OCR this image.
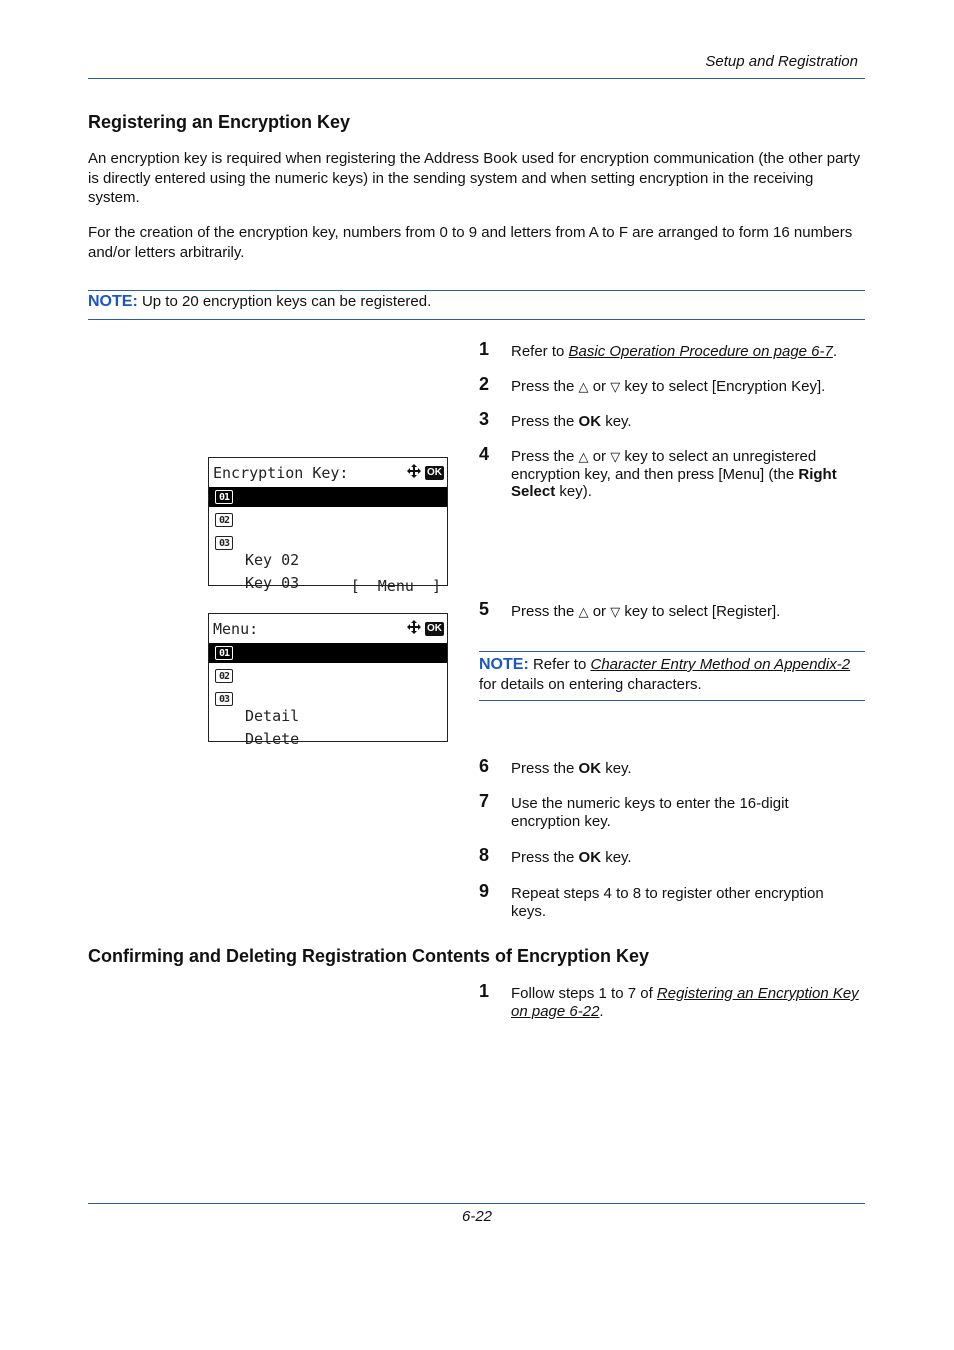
Setup and Registration
Registering an Encryption Key
An encryption key is required when registering the Address Book used for encryption communication (the other party is directly entered using the numeric keys) in the sending system and when setting encryption in the receiving system.
For the creation of the encryption key, numbers from 0 to 9 and letters from A to F are arranged to form 16 numbers and/or letters arbitrarily.
NOTE: Up to 20 encryption keys can be registered.
1 Refer to Basic Operation Procedure on page 6-7.
2 Press the △ or ▽ key to select [Encryption Key].
3 Press the OK key.
4 Press the △ or ▽ key to select an unregistered encryption key, and then press [Menu] (the Right Select key).
Encryption Key:	OK

01

Key 01

02

Key 02

03

Key 03

	[  Menu  ]

5 Press the △ or ▽ key to select [Register].
Menu:	OK

01

Register

02

Detail

03

Delete

NOTE: Refer to Character Entry Method on Appendix-2 for details on entering characters.
6 Press the OK key.
7 Use the numeric keys to enter the 16-digit encryption key.
8 Press the OK key.
9 Repeat steps 4 to 8 to register other encryption keys.
Confirming and Deleting Registration Contents of Encryption Key
1 Follow steps 1 to 7 of Registering an Encryption Key on page 6-22.
6-22
